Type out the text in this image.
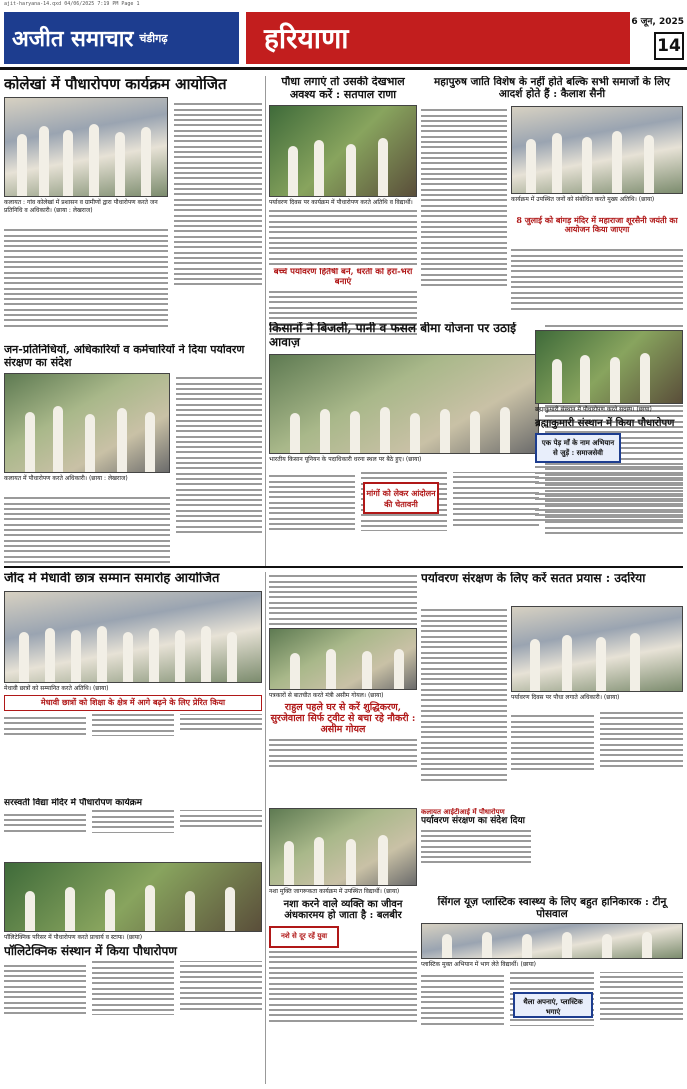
ajit-haryana-14.qxd 04/06/2025 7:19 PM Page 1
अजीत समाचार चंडीगढ़	हरियाणा	6 जून, 2025
14
कोलेखां में पौधारोपण कार्यक्रम आयोजित
कलायत : गांव कोलेखां में प्रशासन व ग्रामीणों द्वारा पौधारोपण करते जन प्रतिनिधि व अधिकारी। (छाया : लेखराज)
जन-प्रतिनिधियों, अधिकारियों व कर्मचारियों ने दिया पर्यावरण संरक्षण का संदेश
कलायत में पौधारोपण करते अधिकारी। (छाया : लेखराज)
पौधा लगाएं तो उसकी देखभाल अवश्य करें : सतपाल राणा
पर्यावरण दिवस पर कार्यक्रम में पौधारोपण करते अतिथि व विद्यार्थी।
बच्चे पर्यावरण हितैषी बनें, धरती को हरा-भरा बनाएं
महापुरुष जाति विशेष के नहीं होते बल्कि सभी समाजों के लिए आदर्श होते हैं : कैलाश सैनी
कार्यक्रम में उपस्थित जनों को संबोधित करते मुख्य अतिथि। (छाया)
8 जुलाई को बांगड़ मंदिर में महाराजा शूरसैनी जयंती का आयोजन किया जाएगा
किसानों ने बिजली, पानी व फसल बीमा योजना पर उठाई आवाज़
भारतीय किसान यूनियन के पदाधिकारी धरना स्थल पर बैठे हुए। (छाया)
मांगों को लेकर आंदोलन की चेतावनी
ब्रह्माकुमारी संस्थान में पौधारोपण करते सदस्य। (छाया)
ब्रह्माकुमारी संस्थान में किया पौधारोपण
एक पेड़ माँ के नाम अभियान से जुड़ें : समाजसेवी
जींद में मेधावी छात्र सम्मान समारोह आयोजित
मेधावी छात्रों को सम्मानित करते अतिथि। (छाया)
मेधावी छात्रों को शिक्षा के क्षेत्र में आगे बढ़ने के लिए प्रेरित किया
पत्रकारों से बातचीत करते मंत्री असीम गोयल। (छाया)
राहुल पहले घर से करें शुद्धिकरण, सुरजेवाला सिर्फ ट्वीट से बचा रहे नौकरी : असीम गोयल
पर्यावरण संरक्षण के लिए करें सतत प्रयास : उदरिया
पर्यावरण दिवस पर पौधा लगाते अधिकारी। (छाया)
सरस्वती विद्या मंदिर में पौधारोपण कार्यक्रम
पॉलिटेक्निक परिसर में पौधारोपण करते प्राचार्य व स्टाफ। (छाया)
पॉलिटेक्निक संस्थान में किया पौधारोपण
कलायत आईटीआई में पौधारोपण
पर्यावरण संरक्षण का संदेश दिया
नशा मुक्ति जागरूकता कार्यक्रम में उपस्थित विद्यार्थी। (छाया)
नशा करने वाले व्यक्ति का जीवन अंधकारमय हो जाता है : बलबीर
नशे से दूर रहें युवा
सिंगल यूज़ प्लास्टिक स्वास्थ्य के लिए बहुत हानिकारक : टीनू पोसवाल
प्लास्टिक मुक्त अभियान में भाग लेते विद्यार्थी। (छाया)
थैला अपनाएं, प्लास्टिक भगाएं
